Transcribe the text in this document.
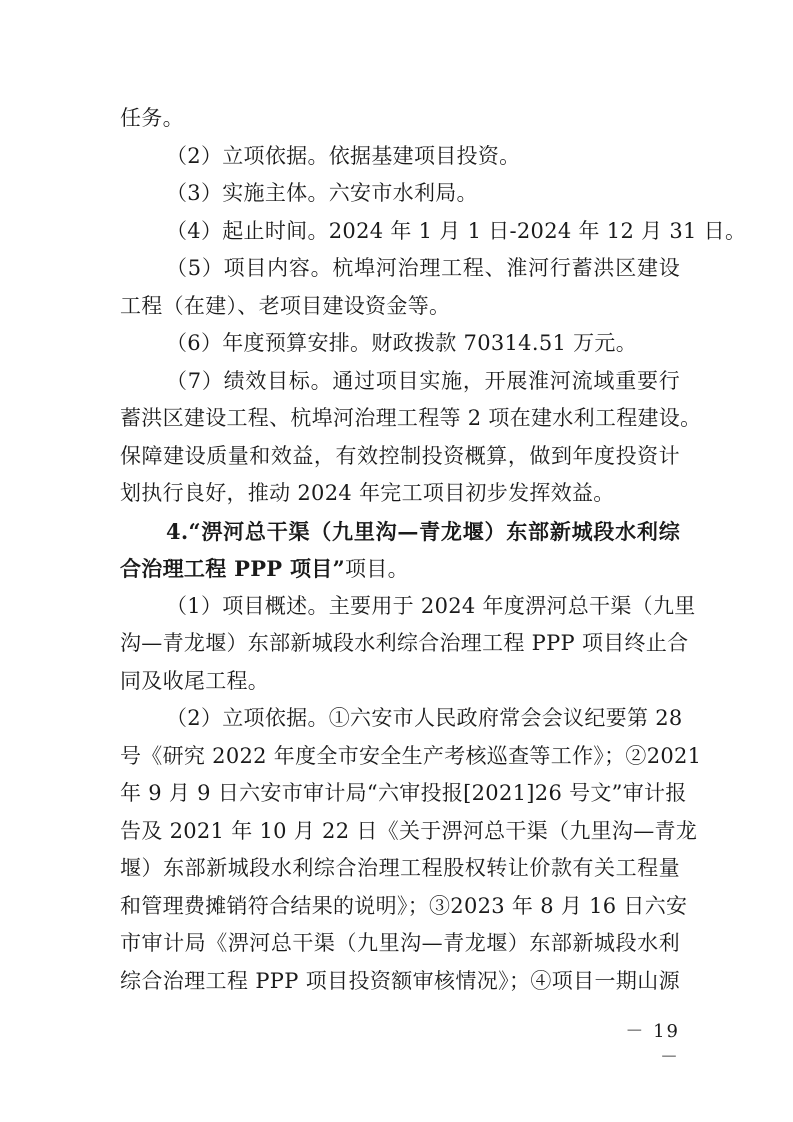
任务。
（2）立项依据。依据基建项目投资。
（3）实施主体。六安市水利局。
（4）起止时间。2024 年 1 月 1 日-2024 年 12 月 31 日。
（5）项目内容。杭埠河治理工程、淮河行蓄洪区建设
工程（在建）、老项目建设资金等。
（6）年度预算安排。财政拨款 70314.51 万元。
（7）绩效目标。通过项目实施，开展淮河流域重要行
蓄洪区建设工程、杭埠河治理工程等 2 项在建水利工程建设。
保障建设质量和效益，有效控制投资概算，做到年度投资计
划执行良好，推动 2024 年完工项目初步发挥效益。
4.“淠河总干渠（九里沟—青龙堰）东部新城段水利综
合治理工程 PPP 项目”项目。
（1）项目概述。主要用于 2024 年度淠河总干渠（九里
沟—青龙堰）东部新城段水利综合治理工程 PPP 项目终止合
同及收尾工程。
（2）立项依据。①六安市人民政府常会会议纪要第 28
号《研究 2022 年度全市安全生产考核巡查等工作》；②2021
年 9 月 9 日六安市审计局“六审投报[2021]26 号文”审计报
告及 2021 年 10 月 22 日《关于淠河总干渠（九里沟—青龙
堰）东部新城段水利综合治理工程股权转让价款有关工程量
和管理费摊销符合结果的说明》；③2023 年 8 月 16 日六安
市审计局《淠河总干渠（九里沟—青龙堰）东部新城段水利
综合治理工程 PPP 项目投资额审核情况》；④项目一期山源
－ 19 －
